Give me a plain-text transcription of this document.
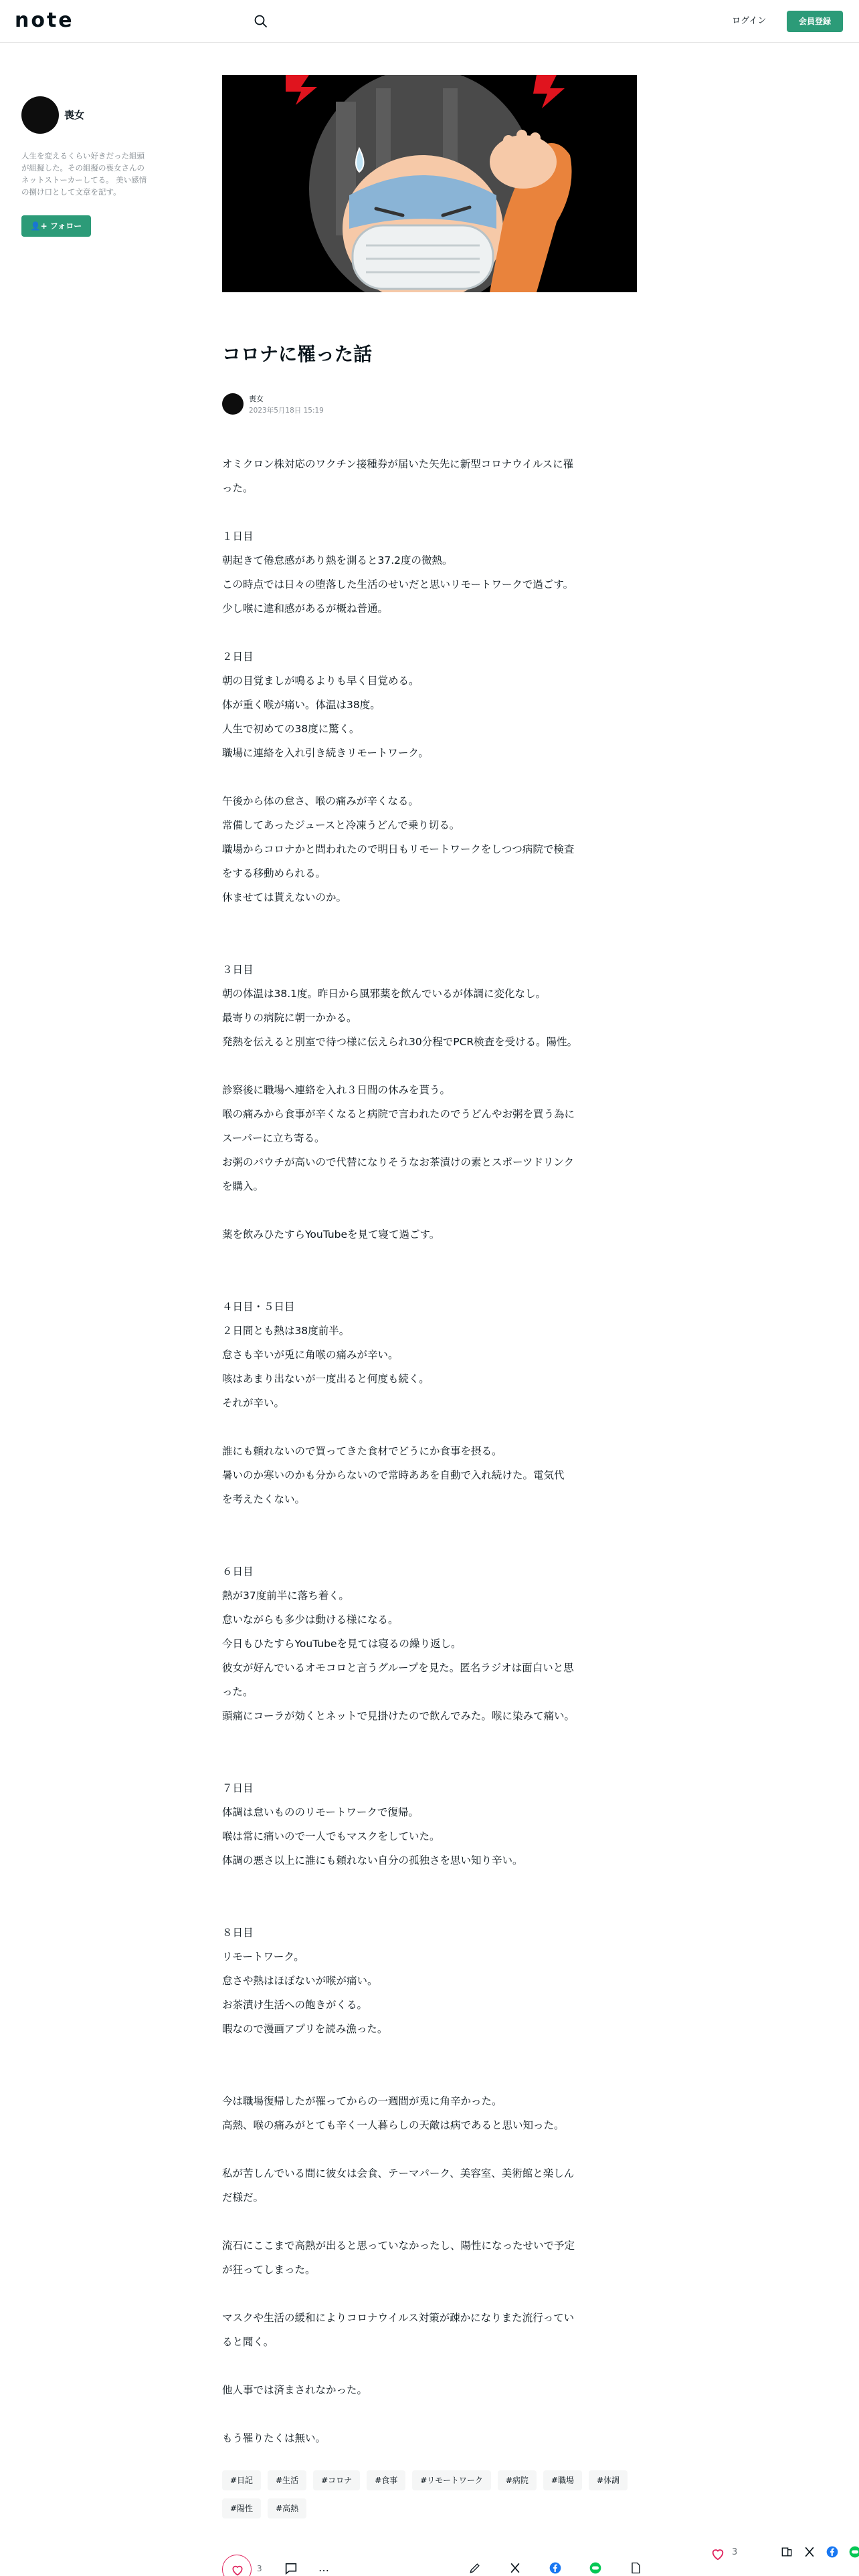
note	ログイン	会員登録
喪女
人生を変えるくらい好きだった組頭が組擬した。その組擬の喪女さんのネットストーカーしてる。 美い感情の捌け口として文章を記す。
👤+ フォロー
コロナに罹った話
喪女
2023年5月18日 15:19

オミクロン株対応のワクチン接種券が届いた矢先に新型コロナウイルスに罹

った。

１日目

朝起きて倦怠感があり熱を測ると37.2度の微熱。

この時点では日々の堕落した生活のせいだと思いリモートワークで過ごす。

少し喉に違和感があるが概ね普通。

２日目

朝の目覚ましが鳴るよりも早く目覚める。

体が重く喉が痛い。体温は38度。

人生で初めての38度に驚く。

職場に連絡を入れ引き続きリモートワーク。

午後から体の怠さ、喉の痛みが辛くなる。

常備してあったジュースと冷凍うどんで乗り切る。

職場からコロナかと問われたので明日もリモートワークをしつつ病院で検査

をする移動められる。

休ませては貰えないのか。

３日目

朝の体温は38.1度。昨日から風邪薬を飲んでいるが体調に変化なし。

最寄りの病院に朝一かかる。

発熱を伝えると別室で待つ様に伝えられ30分程でPCR検査を受ける。陽性。

診察後に職場へ連絡を入れ３日間の休みを貰う。

喉の痛みから食事が辛くなると病院で言われたのでうどんやお粥を買う為に

スーパーに立ち寄る。

お粥のパウチが高いので代替になりそうなお茶漬けの素とスポーツドリンク

を購入。

薬を飲みひたすらYouTubeを見て寝て過ごす。

４日目・５日目

２日間とも熱は38度前半。

怠さも辛いが兎に角喉の痛みが辛い。

咳はあまり出ないが一度出ると何度も続く。

それが辛い。

誰にも頼れないので買ってきた食材でどうにか食事を摂る。

暑いのか寒いのかも分からないので常時ああを自動で入れ続けた。電気代

を考えたくない。

６日目

熱が37度前半に落ち着く。

怠いながらも多少は動ける様になる。

今日もひたすらYouTubeを見ては寝るの繰り返し。

彼女が好んでいるオモコロと言うグループを見た。匿名ラジオは面白いと思

った。

頭痛にコーラが効くとネットで見掛けたので飲んでみた。喉に染みて痛い。

７日目

体調は怠いもののリモートワークで復帰。

喉は常に痛いので一人でもマスクをしていた。

体調の悪さ以上に誰にも頼れない自分の孤独さを思い知り辛い。

８日目

リモートワーク。

怠さや熱はほぼないが喉が痛い。

お茶漬け生活への飽きがくる。

暇なので漫画アプリを読み漁った。

今は職場復帰したが罹ってからの一週間が兎に角辛かった。

高熱、喉の痛みがとても辛く一人暮らしの天敵は病であると思い知った。

私が苦しんでいる間に彼女は会食、テーマパーク、美容室、美術館と楽しん

だ様だ。

流石にここまで高熱が出ると思っていなかったし、陽性になったせいで予定

が狂ってしまった。

マスクや生活の緩和によりコロナウイルス対策が疎かになりまた流行ってい

ると聞く。

他人事では済まされなかった。

もう罹りたくは無い。

#日記	#生活	#コロナ	#食事	#リモートワーク	#病院	#職場	#体調
#陽性	#高熱
3	…
3
